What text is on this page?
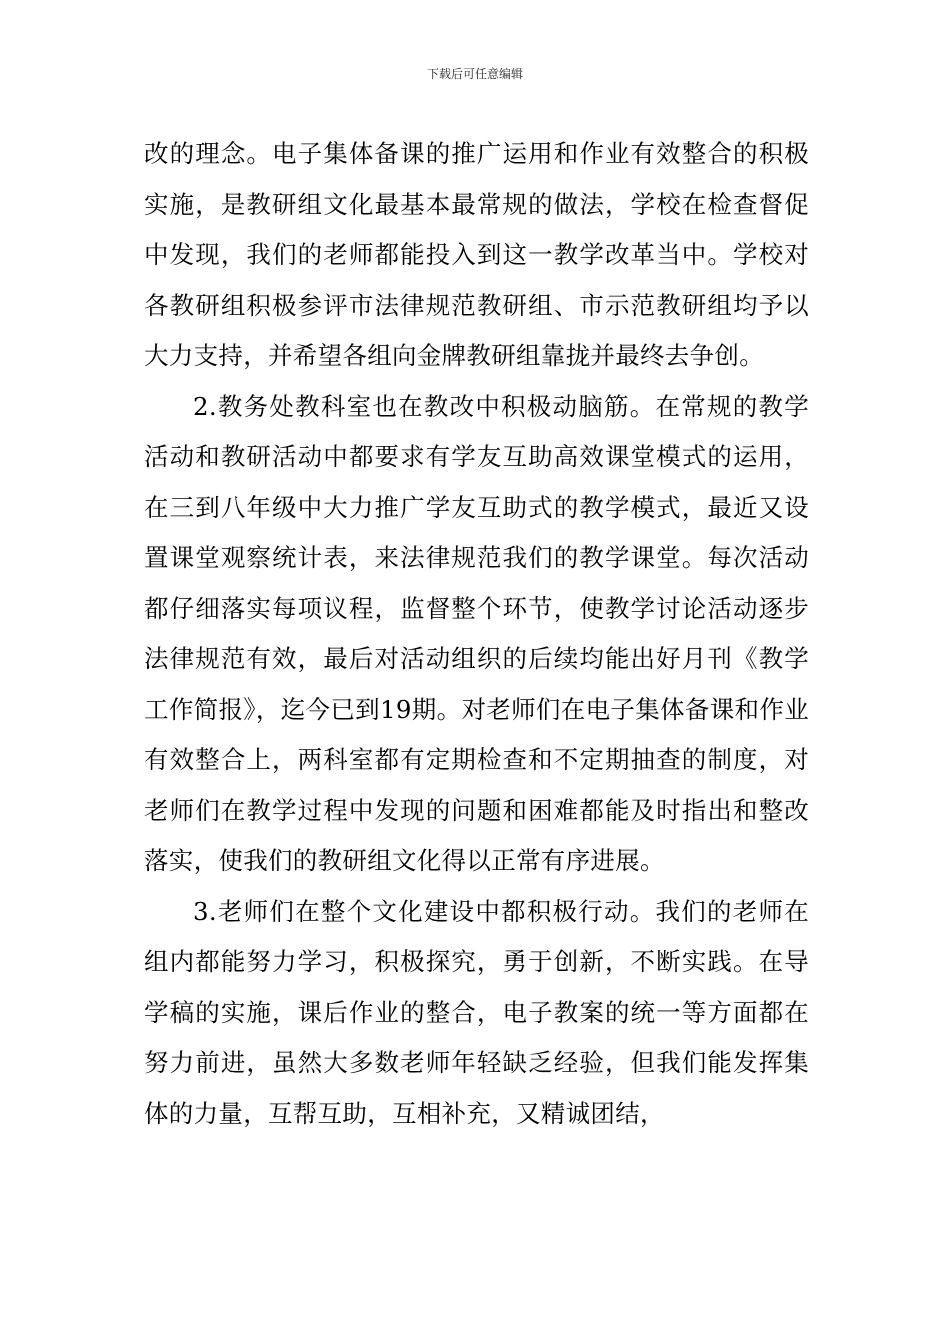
下载后可任意编辑

改的理念。电子集体备课的推广运用和作业有效整合的积极实施，是教研组文化最基本最常规的做法，学校在检查督促中发现，我们的老师都能投入到这一教学改革当中。学校对各教研组积极参评市法律规范教研组、市示范教研组均予以大力支持，并希望各组向金牌教研组靠拢并最终去争创。

2.教务处教科室也在教改中积极动脑筋。在常规的教学活动和教研活动中都要求有学友互助高效课堂模式的运用，在三到八年级中大力推广学友互助式的教学模式，最近又设置课堂观察统计表，来法律规范我们的教学课堂。每次活动都仔细落实每项议程，监督整个环节，使教学讨论活动逐步法律规范有效，最后对活动组织的后续均能出好月刊《教学工作简报》，迄今已到19期。对老师们在电子集体备课和作业有效整合上，两科室都有定期检查和不定期抽查的制度，对老师们在教学过程中发现的问题和困难都能及时指出和整改落实，使我们的教研组文化得以正常有序进展。

3.老师们在整个文化建设中都积极行动。我们的老师在组内都能努力学习，积极探究，勇于创新，不断实践。在导学稿的实施，课后作业的整合，电子教案的统一等方面都在努力前进，虽然大多数老师年轻缺乏经验，但我们能发挥集体的力量，互帮互助，互相补充，又精诚团结，
